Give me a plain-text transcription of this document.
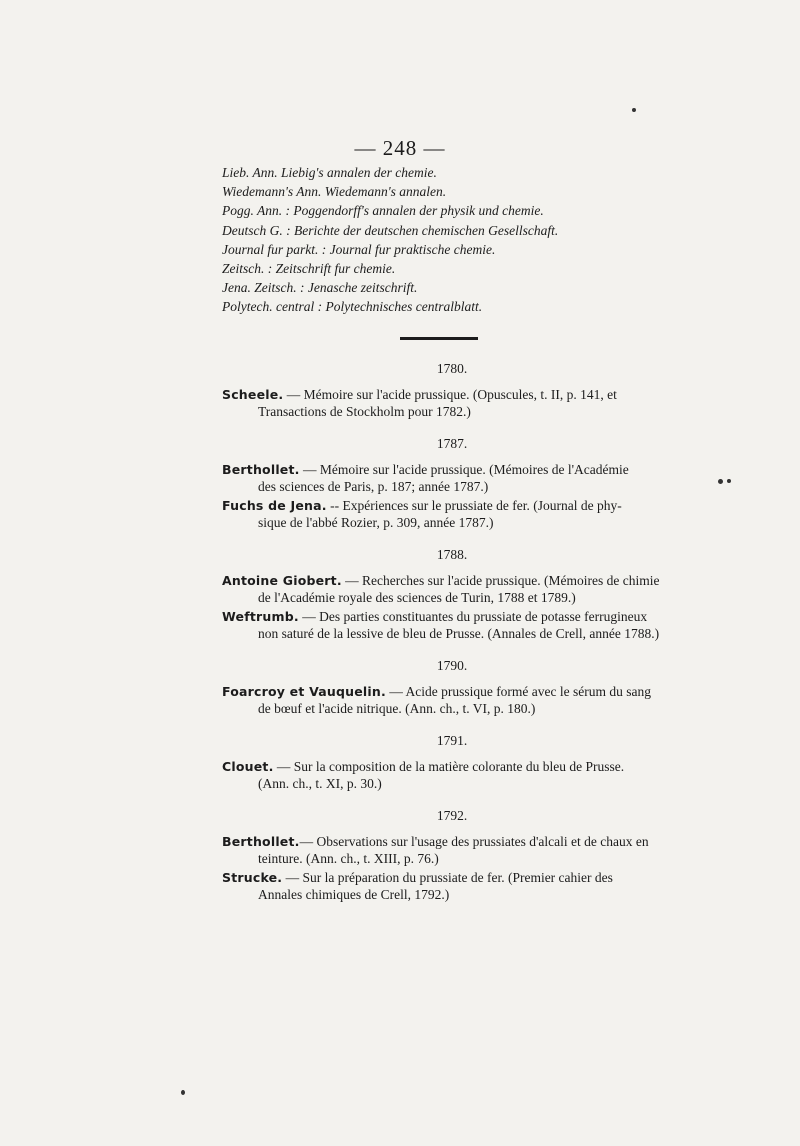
— 248 —
Lieb. Ann. Liebig's annalen der chemie.
Wiedemann's Ann. Wiedemann's annalen.
Pogg. Ann. : Poggendorff's annalen der physik und chemie.
Deutsch G. : Berichte der deutschen chemischen Gesellschaft.
Journal fur parkt. : Journal fur praktische chemie.
Zeitsch. : Zeitschrift fur chemie.
Jena. Zeitsch. : Jenasche zeitschrift.
Polytech. central : Polytechnisches centralblatt.
1780.
Scheele. — Mémoire sur l'acide prussique. (Opuscules, t. II, p. 141, et
Transactions de Stockholm pour 1782.)
1787.
Berthollet. — Mémoire sur l'acide prussique. (Mémoires de l'Académie
des sciences de Paris, p. 187; année 1787.)
Fuchs de Jena. -- Expériences sur le prussiate de fer. (Journal de phy-
sique de l'abbé Rozier, p. 309, année 1787.)
1788.
Antoine Giobert. — Recherches sur l'acide prussique. (Mémoires de chimie
de l'Académie royale des sciences de Turin, 1788 et 1789.)
Weftrumb. — Des parties constituantes du prussiate de potasse ferrugineux
non saturé de la lessive de bleu de Prusse. (Annales de Crell, année 1788.)
1790.
Foarcroy et Vauquelin. — Acide prussique formé avec le sérum du sang
de bœuf et l'acide nitrique. (Ann. ch., t. VI, p. 180.)
1791.
Clouet. — Sur la composition de la matière colorante du bleu de Prusse.
(Ann. ch., t. XI, p. 30.)
1792.
Berthollet.— Observations sur l'usage des prussiates d'alcali et de chaux en
teinture. (Ann. ch., t. XIII, p. 76.)
Strucke. — Sur la préparation du prussiate de fer. (Premier cahier des
Annales chimiques de Crell, 1792.)
